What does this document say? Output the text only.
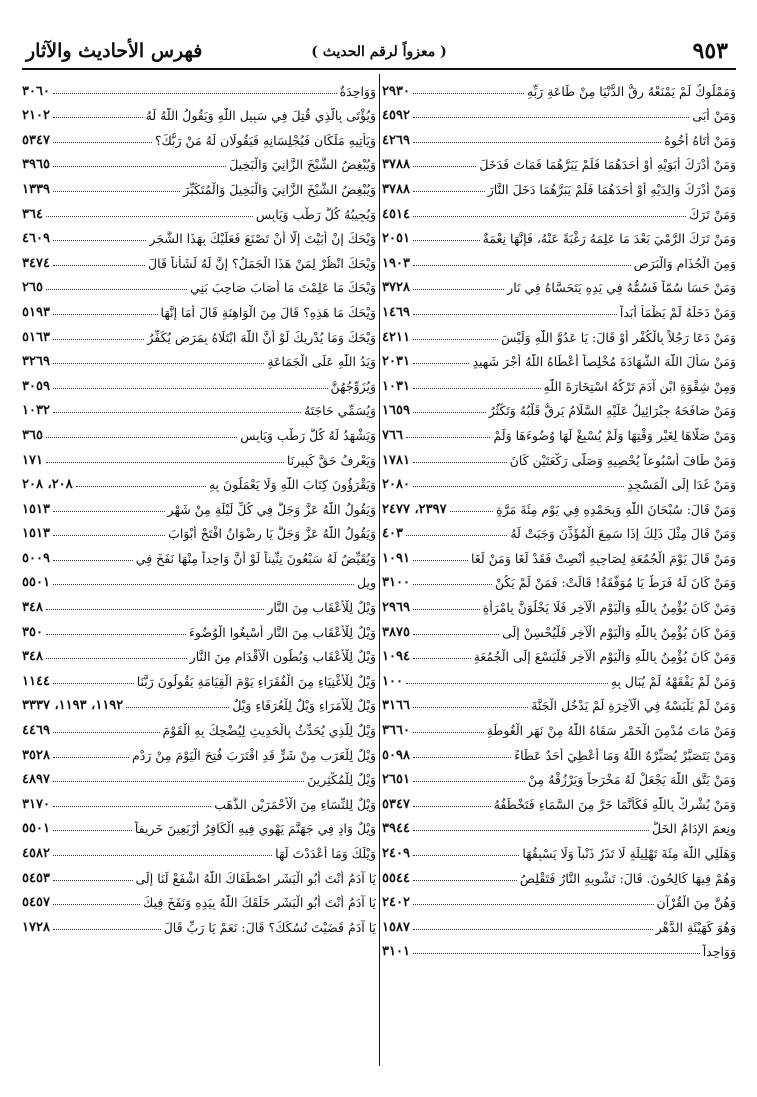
٩٥٣
( معزواً لرقم الحديث )
فهرس الأحاديث والآثار
وَمَمْلُوكٌ لَمْ يَمْنَعْهُ رِقُّ الدُّنْيَا مِنْ طَاعَةِ رَبِّهِ
٢٩٣٠
وَمَنْ أَبَى
٤٥٩٢
وَمَنْ أَتَاهُ أَخُوهُ
٤٢٦٩
وَمَنْ أَدْرَكَ أَبَوَيْهِ أَوْ أَحَدَهُمَا فَلَمْ يَبَرَّهُمَا فَمَاتَ فَدَخَلَ
٣٧٨٨
وَمَنْ أَدْرَكَ وَالِدَيْهِ أَوْ أَحَدَهُمَا فَلَمْ يَبَرَّهُمَا دَخَلَ النَّارَ
٣٧٨٨
وَمَنْ تَرَكَ
٤٥١٤
وَمَنْ تَرَكَ الرَّمْيَ بَعْدَ مَا عَلِمَهُ رَغْبَةً عَنْهُ، فَإِنَّهَا نِعْمَةٌ
٢٠٥١
وَمِنَ الْجُذَامِ وَالْبَرَصِ
١٩٠٣
وَمَنْ حَسَا سُمّاً فَسُمُّهُ فِي يَدِهِ يَتَحَسَّاهُ فِي نَارِ
٣٧٢٨
وَمَنْ دَخَلَهُ لَمْ يَظْمَأْ أَبَداً
١٤٦٩
وَمَنْ دَعَا رَجُلاً بِالْكُفْرِ أَوْ قَالَ: يَا عَدُوَّ اللّٰهِ وَلَيْسَ
٤٢١١
وَمَنْ سَأَلَ اللّٰهَ الشَّهَادَةَ مُخْلِصاً أَعْطَاهُ اللّٰهُ أَجْرَ شَهِيدٍ
٢٠٣١
وَمِنْ شِقْوَةِ ابْنِ آدَمَ تَرْكُهُ اسْتِخَارَةَ اللّٰهِ
١٠٣١
وَمَنْ صَافَحَهُ جِبْرَائِيلُ عَلَيْهِ السَّلَامُ يَرِقُّ قَلْبُهُ وَتَكْثُرُ
١٦٥٩
وَمَنْ صَلَّاهَا لِغَيْرِ وَقْتِهَا وَلَمْ يُسْبِغْ لَهَا وُضُوءَهَا وَلَمْ
٧٦٦
وَمَنْ طَافَ أُسْبُوعاً يُحْصِيهِ وَصَلَّى رَكْعَتَيْنِ كَانَ
١٧٨١
وَمَنْ غَدَا إِلَى الْمَسْجِدِ
٢٠٨٠
وَمَنْ قَالَ: سُبْحَانَ اللّٰهِ وَبِحَمْدِهِ فِي يَوْمٍ مِئَةَ مَرَّةٍ
٢٣٩٧، ٢٤٧٧
وَمَنْ قَالَ مِثْلَ ذَلِكَ إِذَا سَمِعَ الْمُؤَذِّنَ وَجَبَتْ لَهُ
٤٠٣
وَمَنْ قَالَ يَوْمَ الْجُمُعَةِ لِصَاحِبِهِ أَنْصِتْ فَقَدْ لَغَا وَمَنْ لَغَا
١٠٩١
وَمَنْ كَانَ لَهُ فَرَطٌ يَا مُوَفَّقَةُ! قَالَتْ: فَمَنْ لَمْ يَكُنْ
٣١٠٠
وَمَنْ كَانَ يُؤْمِنُ بِاللّٰهِ وَالْيَوْمِ الْآخِرِ فَلَا يَخْلُوَنَّ بِامْرَأَةٍ
٢٩٦٩
وَمَنْ كَانَ يُؤْمِنُ بِاللّٰهِ وَالْيَوْمِ الْآخِرِ فَلْيُحْسِنْ إِلَى
٣٨٧٥
وَمَنْ كَانَ يُؤْمِنُ بِاللّٰهِ وَالْيَوْمِ الْآخِرِ فَلْيَسْعَ إِلَى الْجُمُعَةِ
١٠٩٤
وَمَنْ لَمْ يَفْقَهْهُ لَمْ يُبَالِ بِهِ
١٠٠
وَمَنْ لَمْ يَلْبَسْهُ فِي الْآخِرَةِ لَمْ يَدْخُلِ الْجَنَّةَ
٣١٦٦
وَمَنْ مَاتَ مُدْمِنَ الْخَمْرِ سَقَاهُ اللّٰهُ مِنْ نَهَرِ الْغُوطَةِ
٣٦٦٠
وَمَنْ يَتَصَبَّرْ يُصَبِّرْهُ اللّٰهُ وَمَا أُعْطِيَ أَحَدٌ عَطَاءً
٥٠٩٨
وَمَنْ يَتَّقِ اللّٰهَ يَجْعَلْ لَهُ مَخْرَجاً وَيَرْزُقْهُ مِنْ
٢٦٥١
وَمَنْ يُشْرِكْ بِاللّٰهِ فَكَأَنَّمَا خَرَّ مِنَ السَّمَاءِ فَتَخْطَفُهُ
٥٣٤٧
ونِعمَ الإِدَامُ الخَلُّ
٣٩٤٤
وَهَلِّلِي اللّٰهَ مِئَةَ تَهْلِيلَةٍ لَا تَذَرُ ذَنْباً وَلَا يَسْبِقُهَا
٢٤٠٩
وَهُمْ فِيهَا كَالِحُونَ. قَالَ: تَشْوِيهِ النَّارُ فَتَقْلِصُ
٥٥٤٤
وَهُنَّ مِنَ الْقُرْآنِ
٢٤٠٢
وَهُوَ كَهَيْئَةِ الدَّهْرِ
١٥٨٧
وَوَاحِداً
٣١٠١
وَوَاحِدَةٌ
٣٠٦٠
وَيُؤْتَى بِالَّذِي قُتِلَ فِي سَبِيلِ اللّٰهِ وَيَقُولُ اللّٰهُ لَهُ
٢١٠٢
وَيَأْتِيهِ مَلَكَانِ فَيُجْلِسَانِهِ فَيَقُولَانِ لَهُ مَنْ رَبُّكَ؟
٥٣٤٧
وَيُبْغِضُ الشَّيْخَ الزَّانِيَ وَالْبَخِيلَ
٣٩٦٥
وَيُبْغِضُ الشَّيْخَ الزَّانِيَ وَالْبَخِيلَ وَالْمُتَكَبِّرَ
١٣٣٩
وَيُجِيبُهُ كُلُّ رَطْبٍ وَيَابِسٍ
٣٦٤
وَيْحَكَ إِنْ أَبَيْتَ إِلَّا أَنْ تَصْنَعَ فَعَلَيْكَ بِهَذَا الشَّجَرِ
٤٦٠٩
وَيْحَكَ انْظُرْ لِمَنْ هَذَا الْجَمَلُ؟ إِنَّ لَهُ لَشَأْناً قَالَ
٣٤٧٤
وَيْحَكَ مَا عَلِمْتَ مَا أَصَابَ صَاحِبَ بَنِي
٢٦٥
وَيْحَكَ مَا هَذِهِ؟ قَالَ مِنَ الْوَاهِنَةِ قَالَ أَمَا إِنَّهَا
٥١٩٣
وَيْحَكَ وَمَا يُدْرِيكَ لَوْ أَنَّ اللّٰهَ ابْتَلَاهُ بِمَرَضٍ يُكَفِّرُ
٥١٦٣
وَيَدُ اللّٰهِ عَلَى الْجَمَاعَةِ
٣٢٦٩
وَيُزَوِّجُهُنَّ
٣٠٥٩
وَيُسَمِّي حَاجَتَهُ
١٠٣٢
وَيَشْهَدُ لَهُ كُلُّ رَطْبٍ وَيَابِسٍ
٣٦٥
وَيَعْرِفُ حَقَّ كَبِيرِنَا
١٧١
وَيَقْرَؤُونَ كِتَابَ اللّٰهِ وَلَا يَعْمَلُونَ بِهِ
٢٠٨، ٢٠٨
وَيَقُولُ اللّٰهُ عَزَّ وَجَلَّ فِي كُلِّ لَيْلَةٍ مِنْ شَهْرٍ
١٥١٣
وَيَقُولُ اللّٰهُ عَزَّ وَجَلَّ يَا رِضْوَانُ افْتَحْ أَبْوَابَ
١٥١٣
وَيُقَيِّضُ لَهُ سَبْعُونَ تِنِّيناً لَوْ أَنَّ وَاحِداً مِنْهَا نَفَخَ فِي
٥٠٠٩
ويل
٥٥٠١
وَيْلٌ لِلْأَعْقَابِ مِنَ النَّارِ
٣٤٨
وَيْلٌ لِلْأَعْقَابِ مِنَ النَّارِ أَسْبِغُوا الْوُضُوءَ
٣٥٠
وَيْلٌ لِلْأَعْقَابِ وَبُطُونِ الْأَقْدَامِ مِنَ النَّارِ
٣٤٨
وَيْلٌ لِلْأَغْنِيَاءِ مِنَ الْفُقَرَاءِ يَوْمَ الْقِيَامَةِ يَقُولُونَ رَبَّنَا
١١٤٤
وَيْلٌ لِلْأُمَرَاءِ وَيْلٌ لِلْعُرَفَاءِ وَيْلٌ
١١٩٢، ١١٩٣، ٣٣٣٧
وَيْلٌ لِلَّذِي يُحَدِّثُ بِالْحَدِيثِ لِيُضْحِكَ بِهِ الْقَوْمَ
٤٤٦٩
وَيْلٌ لِلْعَرَبِ مِنْ شَرٍّ قَدِ اقْتَرَبَ فُتِحَ الْيَوْمَ مِنْ رَدْمِ
٣٥٢٨
وَيْلٌ لِلْمُكْثِرِينَ
٤٨٩٧
وَيْلٌ لِلنِّسَاءِ مِنَ الْأَحْمَرَيْنِ الذَّهَبِ
٣١٧٠
وَيْلٌ وَادٍ فِي جَهَنَّمَ يَهْوِي فِيهِ الْكَافِرُ أَرْبَعِينَ خَرِيفاً
٥٥٠١
وَيْلَكَ وَمَا أَعْدَدْتَ لَهَا
٤٥٨٢
يَا آدَمُ أَنْتَ أَبُو الْبَشَرِ اصْطَفَاكَ اللّٰهُ اشْفَعْ لَنَا إِلَى
٥٤٥٣
يَا آدَمُ أَنْتَ أَبُو الْبَشَرِ خَلَقَكَ اللّٰهُ بِيَدِهِ وَنَفَخَ فِيكَ
٥٤٥٧
يَا آدَمُ قَضَيْتَ نُسُكَكَ؟ قَالَ: نَعَمْ يَا رَبِّ قَالَ
١٧٢٨
